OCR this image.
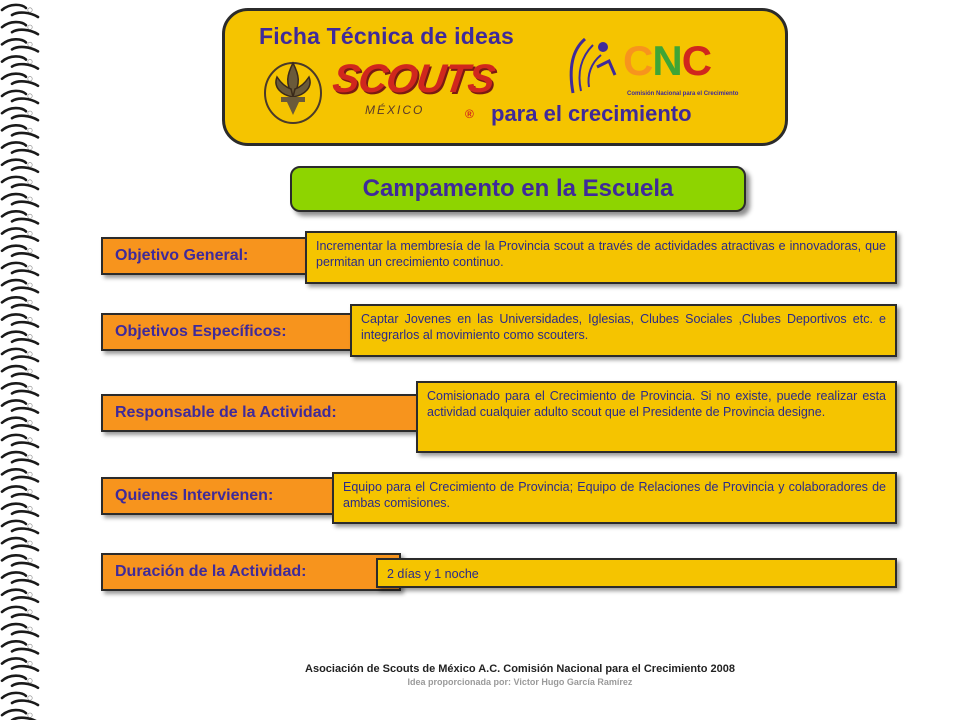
Ficha Técnica de ideas
SCOUTS
MÉXICO	®
CNC
Comisión Nacional para el Crecimiento
para el crecimiento
Campamento en la Escuela
Objetivo General:
Incrementar la membresía de la Provincia scout a través de actividades atractivas e innovadoras, que permitan un crecimiento continuo.
Objetivos Específicos:
Captar Jovenes en las Universidades, Iglesias, Clubes Sociales ,Clubes Deportivos etc. e integrarlos al movimiento como scouters.
Responsable de la Actividad:
Comisionado para el Crecimiento de Provincia. Si no existe, puede realizar esta actividad cualquier adulto scout que el Presidente de Provincia designe.
Quienes Intervienen:	Equipo para el Crecimiento de Provincia; Equipo de Relaciones de Provincia y colaboradores de ambas comisiones.
Duración de la Actividad:	2 días y 1 noche
Asociación de Scouts de México A.C. Comisión Nacional para el Crecimiento 2008
Idea proporcionada por: Victor Hugo García Ramírez
